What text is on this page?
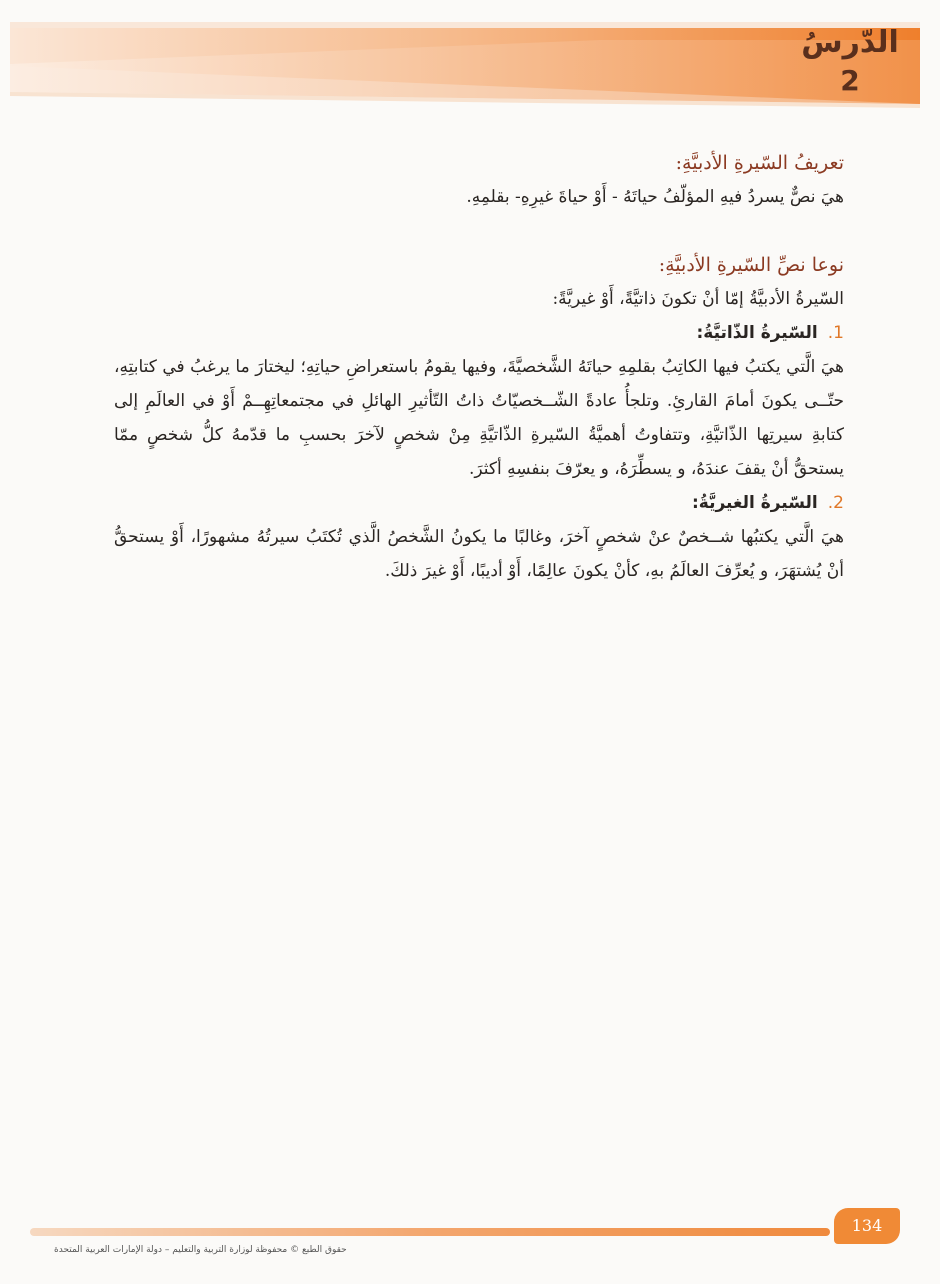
الدّرسُ
2
تعريفُ السّيرةِ الأدبيَّةِ:

هيَ نصٌّ يسردُ فيهِ المؤلّفُ حياتَهُ - أَوْ حياةَ غيرِهِ- بقلمِهِ.

نوعا نصِّ السّيرةِ الأدبيَّةِ:

السّيرةُ الأدبيَّةُ إمّا أنْ تكونَ ذاتيَّةً، أَوْ غيريَّةً:

1.السّيرةُ الذّاتيَّةُ:

هيَ الَّتي يكتبُ فيها الكاتِبُ بقلمِهِ حياتَهُ الشَّخصيَّةَ، وفيها يقومُ باستعراضِ حياتِهِ؛ ليختارَ ما يرغبُ في كتابتِهِ، حتّــى يكونَ أمامَ القارئِ. وتلجأُ عادةً الشّــخصيّاتُ ذاتُ التّأثيرِ الهائلِ في مجتمعاتِهِــمْ أَوْ في العالَمِ إلى كتابةِ سيرتِها الذّاتيَّةِ، وتتفاوتُ أهميَّةُ السّيرةِ الذّاتيَّةِ مِنْ شخصٍ لآخرَ بحسبِ ما قدّمهُ كلُّ شخصٍ ممّا يستحقُّ أنْ يقفَ عندَهُ، و يسطِّرَهُ، و يعرّفَ بنفسِهِ أكثرَ.

2.السّيرةُ الغيريَّةُ:

هيَ الَّتي يكتبُها شــخصٌ عنْ شخصٍ آخرَ، وغالبًا ما يكونُ الشَّخصُ الَّذي تُكتَبُ سيرتُهُ مشهورًا، أَوْ يستحقُّ أنْ يُشتهَرَ، و يُعرِّفَ العالَمُ بهِ، كأنْ يكونَ عالِمًا، أَوْ أديبًا، أَوْ غيرَ ذلكَ.

134
حقوق الطبع © محفوظة لوزارة التربية والتعليم – دولة الإمارات العربية المتحدة
